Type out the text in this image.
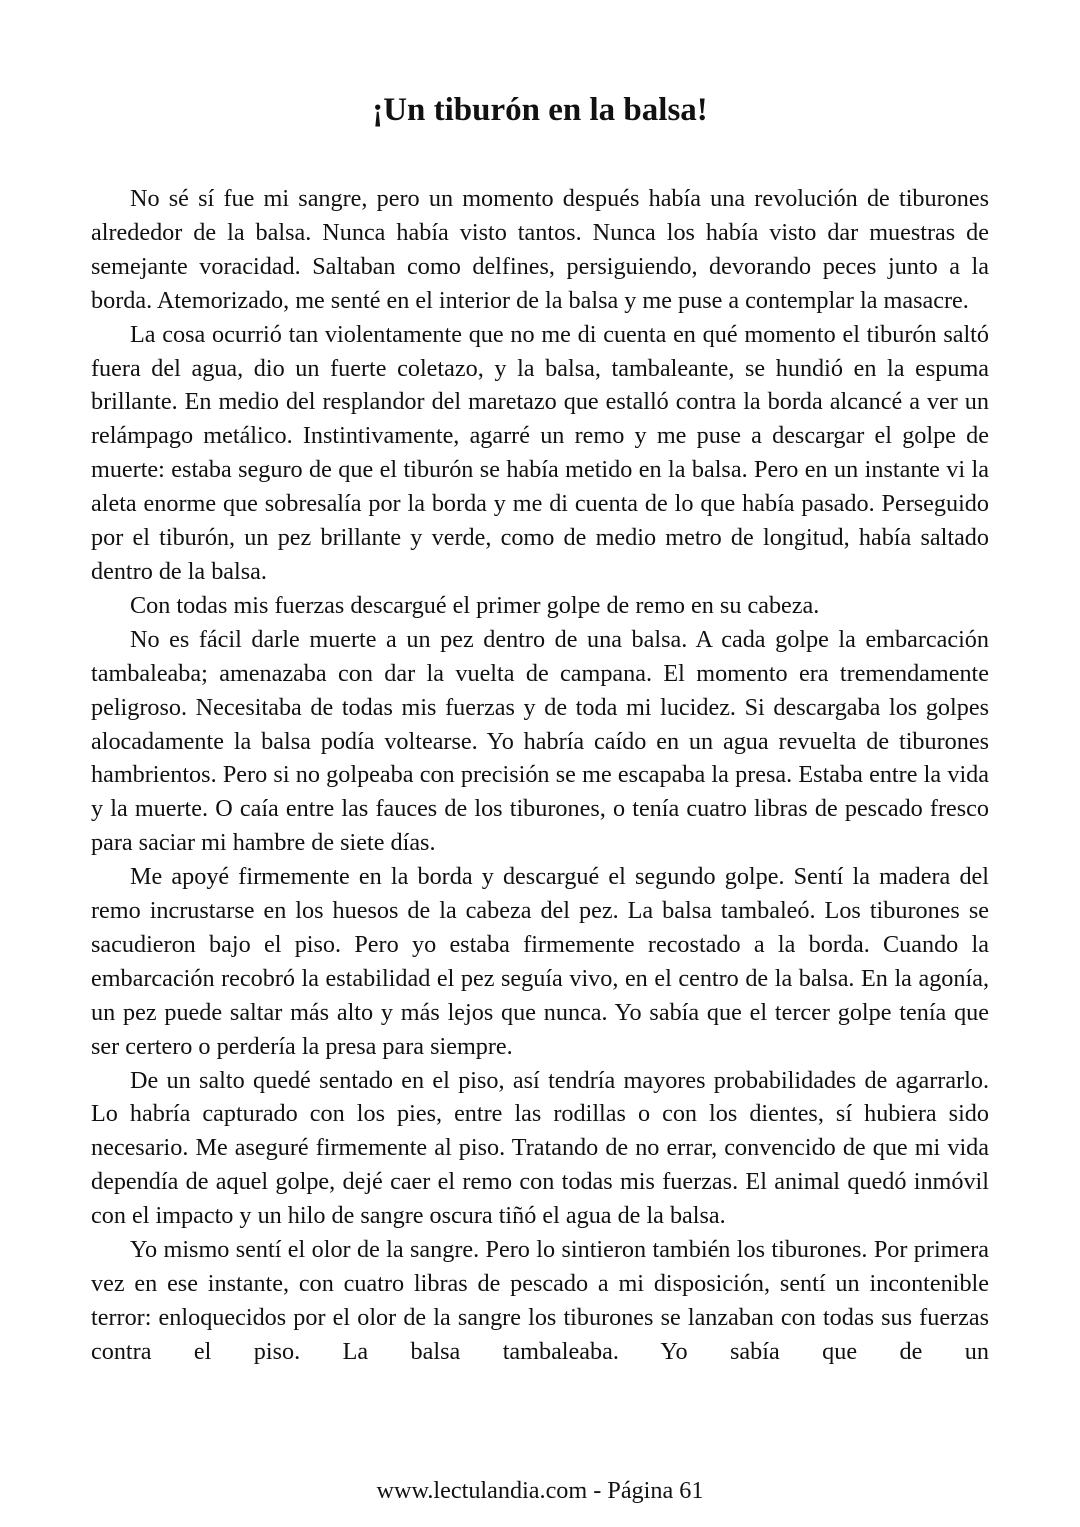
¡Un tiburón en la balsa!

No sé sí fue mi sangre, pero un momento después había una revolución de tiburones alrededor de la balsa. Nunca había visto tantos. Nunca los había visto dar muestras de semejante voracidad. Saltaban como delfines, persiguiendo, devorando peces junto a la borda. Atemorizado, me senté en el interior de la balsa y me puse a contemplar la masacre.

La cosa ocurrió tan violentamente que no me di cuenta en qué momento el tiburón saltó fuera del agua, dio un fuerte coletazo, y la balsa, tambaleante, se hundió en la espuma brillante. En medio del resplandor del maretazo que estalló contra la borda alcancé a ver un relámpago metálico. Instintivamente, agarré un remo y me puse a descargar el golpe de muerte: estaba seguro de que el tiburón se había metido en la balsa. Pero en un instante vi la aleta enorme que sobresalía por la borda y me di cuenta de lo que había pasado. Perseguido por el tiburón, un pez brillante y verde, como de medio metro de longitud, había saltado dentro de la balsa.

Con todas mis fuerzas descargué el primer golpe de remo en su cabeza.

No es fácil darle muerte a un pez dentro de una balsa. A cada golpe la embarcación tambaleaba; amenazaba con dar la vuelta de campana. El momento era tremendamente peligroso. Necesitaba de todas mis fuerzas y de toda mi lucidez. Si descargaba los golpes alocadamente la balsa podía voltearse. Yo habría caído en un agua revuelta de tiburones hambrientos. Pero si no golpeaba con precisión se me escapaba la presa. Estaba entre la vida y la muerte. O caía entre las fauces de los tiburones, o tenía cuatro libras de pescado fresco para saciar mi hambre de siete días.

Me apoyé firmemente en la borda y descargué el segundo golpe. Sentí la madera del remo incrustarse en los huesos de la cabeza del pez. La balsa tambaleó. Los tiburones se sacudieron bajo el piso. Pero yo estaba firmemente recostado a la borda. Cuando la embarcación recobró la estabilidad el pez seguía vivo, en el centro de la balsa. En la agonía, un pez puede saltar más alto y más lejos que nunca. Yo sabía que el tercer golpe tenía que ser certero o perdería la presa para siempre.

De un salto quedé sentado en el piso, así tendría mayores probabilidades de agarrarlo. Lo habría capturado con los pies, entre las rodillas o con los dientes, sí hubiera sido necesario. Me aseguré firmemente al piso. Tratando de no errar, convencido de que mi vida dependía de aquel golpe, dejé caer el remo con todas mis fuerzas. El animal quedó inmóvil con el impacto y un hilo de sangre oscura tiñó el agua de la balsa.

Yo mismo sentí el olor de la sangre. Pero lo sintieron también los tiburones. Por primera vez en ese instante, con cuatro libras de pescado a mi disposición, sentí un incontenible terror: enloquecidos por el olor de la sangre los tiburones se lanzaban con todas sus fuerzas contra el piso. La balsa tambaleaba. Yo sabía que de un

www.lectulandia.com - Página 61
